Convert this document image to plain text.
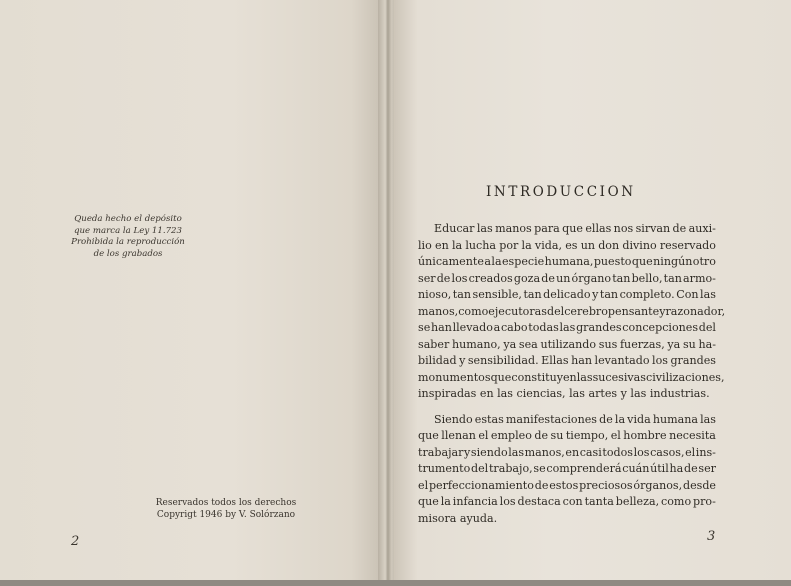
Queda hecho el depósito
que marca la Ley 11.723
Prohibida la reproducción
de los grabados
Reservados todos los derechos
Copyrigt 1946 by V. Solórzano
2
INTRODUCCION
Educar las manos para que ellas nos sirvan de auxi-
lio en la lucha por la vida, es un don divino reservado
únicamente a la especie humana, puesto que ningún otro
ser de los creados goza de un órgano tan bello, tan armo-
nioso, tan sensible, tan delicado y tan completo. Con las
manos, como ejecutoras del cerebro pensante y razonador,
se han llevado a cabo todas las grandes concepciones del
saber humano, ya sea utilizando sus fuerzas, ya su ha-
bilidad y sensibilidad. Ellas han levantado los grandes
monumentos que constituyen las sucesivas civilizaciones,
inspiradas en las ciencias, las artes y las industrias.
Siendo estas manifestaciones de la vida humana las
que llenan el empleo de su tiempo, el hombre necesita
trabajar y siendo las manos, en casi todos los casos, el ins-
trumento del trabajo, se comprenderá cuán útil ha de ser
el perfeccionamiento de estos preciosos órganos, desde
que la infancia los destaca con tanta belleza, como pro-
misora ayuda.
3
